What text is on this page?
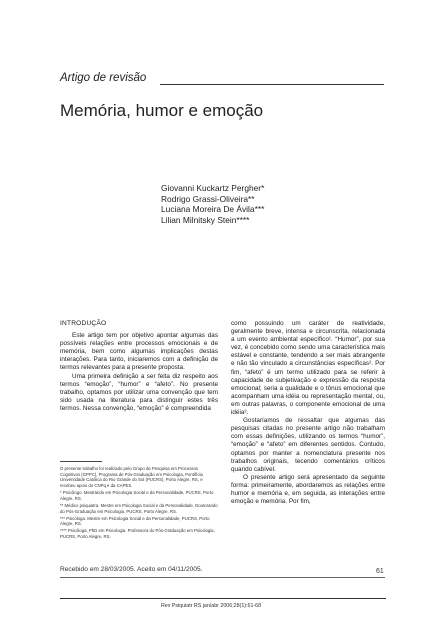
Artigo de revisão
Memória, humor e emoção
Giovanni Kuckartz Pergher*
Rodrigo Grassi-Oliveira**
Luciana Moreira De Ávila***
Lilian Milnitsky Stein****

INTRODUÇÃO

Este artigo tem por objetivo apontar algumas das possíveis relações entre processos emocionais e de memória, bem como algumas implicações destas interações. Para tanto, iniciaremos com a definição de termos relevantes para a presente proposta.

Uma primeira definição a ser feita diz respeito aos termos “emoção”, “humor” e “afeto”. No presente trabalho, optamos por utilizar uma convenção que tem sido usada na literatura para distinguir estes três termos. Nessa convenção, “emoção” é compreendida

como possuindo um caráter de reatividade, geralmente breve, intensa e circunscrita, relacionada a um evento ambiental específico¹. “Humor”, por sua vez, é concebido como sendo uma característica mais estável e constante, tendendo a ser mais abrangente e não tão vinculado a circunstâncias específicas². Por fim, “afeto” é um termo utilizado para se referir à capacidade de subjetivação e expressão da resposta emocional; seria a qualidade e o tônus emocional que acompanham uma idéia ou representação mental, ou, em outras palavras, o componente emocional de uma idéia³.

Gostaríamos de ressaltar que algumas das pesquisas citadas no presente artigo não trabalham com essas definições, utilizando os termos “humor”, “emoção” e “afeto” em diferentes sentidos. Contudo, optamos por manter a nomenclatura presente nos trabalhos originais, tecendo comentários críticos quando cabível.

O presente artigo será apresentado da seguinte forma: primeiramente, abordaremos as relações entre humor e memória e, em seguida, as interações entre emoção e memória. Por fim,

O presente trabalho foi realizado pelo Grupo de Pesquisa em Processos Cognitivos (GPPC), Programa de Pós-Graduação em Psicologia, Pontifícia Universidade Católica do Rio Grande do Sul (PUCRS), Porto Alegre, RS, e recebeu apoio do CNPq e da CAPES.

* Psicólogo. Mestrando em Psicologia Social e da Personalidade, PUCRS, Porto Alegre, RS.

** Médico psiquiatra. Mestre em Psicologia Social e da Personalidade, Doutorando do Pós-Graduação em Psicologia, PUCRS, Porto Alegre, RS.

*** Psicóloga. Mestre em Psicologia Social e da Personalidade, PUCRS, Porto Alegre, RS.

**** Psicóloga, PhD em Psicologia. Professora do Pós-Graduação em Psicologia, PUCRS, Porto Alegre, RS.

Recebido em 28/03/2005. Aceito em 04/11/2005.	61
Rev Psiquiatr RS jan/abr 2006;28(1):61-68
